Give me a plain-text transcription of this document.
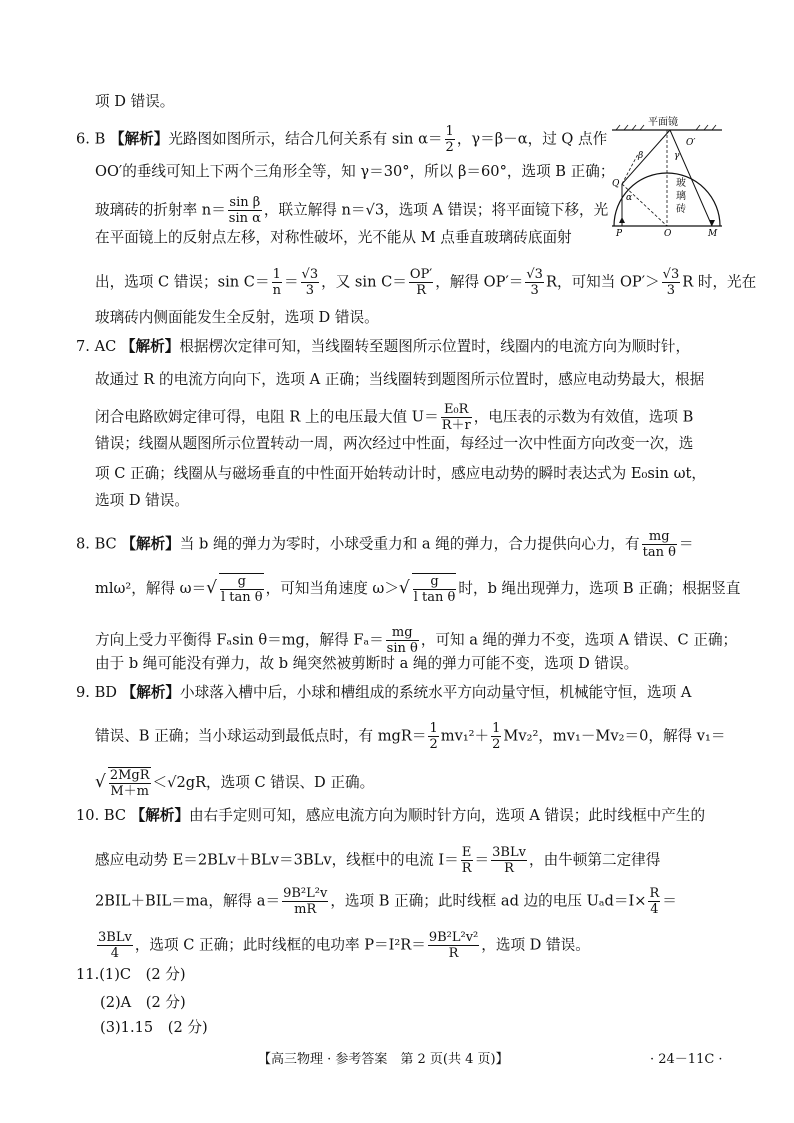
项 D 错误。
6. B 【解析】光路图如图所示，结合几何关系有 $\sin \alpha= \frac{1}{2}$ ，γ＝β－α，过 Q 点作
OO′的垂线可知上下两个三角形全等，知 γ＝30°，所以 β＝60°，选项 B 正确；
玻璃砖的折射率 $n= \frac{\text{sin β}}{\text{sin α}}$ ，联立解得 n＝√3，选项 A 错误；将平面镜下移，光
在平面镜上的反射点左移，对称性破坏，光不能从 M 点垂直玻璃砖底面射
出，选项 C 错误；$\sin C= \frac{1}{n} = \frac{√3}{3}$ ，又 $\sin C= \frac{OP'}{R}$ ，解得 $OP'= \frac{√3}{3}$ R，可知当 $OP'> \frac{√3}{3}$ R 时，光在
玻璃砖内侧面能发生全反射，选项 D 错误。
平面镜
O′
β	γ
Q
α
P	O	M
玻
璃
砖
7. AC 【解析】根据楞次定律可知，当线圈转至题图所示位置时，线圈内的电流方向为顺时针，
故通过 R 的电流方向向下，选项 A 正确；当线圈转到题图所示位置时，感应电动势最大，根据
闭合电路欧姆定律可得，电阻 R 上的电压最大值 $U= \frac{\text{E₀R}}{R+r}$ ，电压表的示数为有效值，选项 B
错误；线圈从题图所示位置转动一周，两次经过中性面，每经过一次中性面方向改变一次，选
项 C 正确；线圈从与磁场垂直的中性面开始转动计时，感应电动势的瞬时表达式为 E₀sin ωt，
选项 D 错误。
8. BC 【解析】当 b 绳的弹力为零时，小球受重力和 a 绳的弹力，合力提供向心力，有 $\frac{mg}{\text{tan θ}}$ ＝
mlω²，解得 $\omega=√ \frac{g}{\text{l tan θ}}$ ，可知当角速度 $\omega>√ \frac{g}{\text{l tan θ}}$ 时，b 绳出现弹力，选项 B 正确；根据竖直
方向上受力平衡得 Fₐsin θ＝mg，解得 $F_a= \frac{mg}{\text{sin θ}}$ ，可知 a 绳的弹力不变，选项 A 错误、C 正确；
由于 b 绳可能没有弹力，故 b 绳突然被剪断时 a 绳的弹力可能不变，选项 D 错误。
9. BD 【解析】小球落入槽中后，小球和槽组成的系统水平方向动量守恒，机械能守恒，选项 A
错误、B 正确；当小球运动到最低点时，有 $mgR= \frac{1}{2} mv_1^2+ \frac{1}{2} Mv_2^2$，mv₁－Mv₂＝0，解得 v₁＝
√ $\frac{\text{2MgR}}{M+m} <√2gR$，选项 C 错误、D 正确。
10. BC 【解析】由右手定则可知，感应电流方向为顺时针方向，选项 A 错误；此时线框中产生的
感应电动势 E＝2BLv＋BLv＝3BLv，线框中的电流 $I= \frac{E}{R} = \frac{\text{3BLv}}{R}$ ，由牛顿第二定律得
2BIL＋BIL＝ma，解得 $a= \frac{\text{9B²L²v}}{mR}$ ，选项 B 正确；此时线框 ad 边的电压 $U_ad=I\times \frac{R}{4}$ ＝
$\frac{\text{3BLv}}{4}$ ，选项 C 正确；此时线框的电功率 $P=I^2R= \frac{\text{9B²L²v²}}{R}$ ，选项 D 错误。
11.(1)C　(2 分)
(2)A　(2 分)
(3)1.15　(2 分)
【高三物理 · 参考答案　第 2 页(共 4 页)】	· 24－11C ·
